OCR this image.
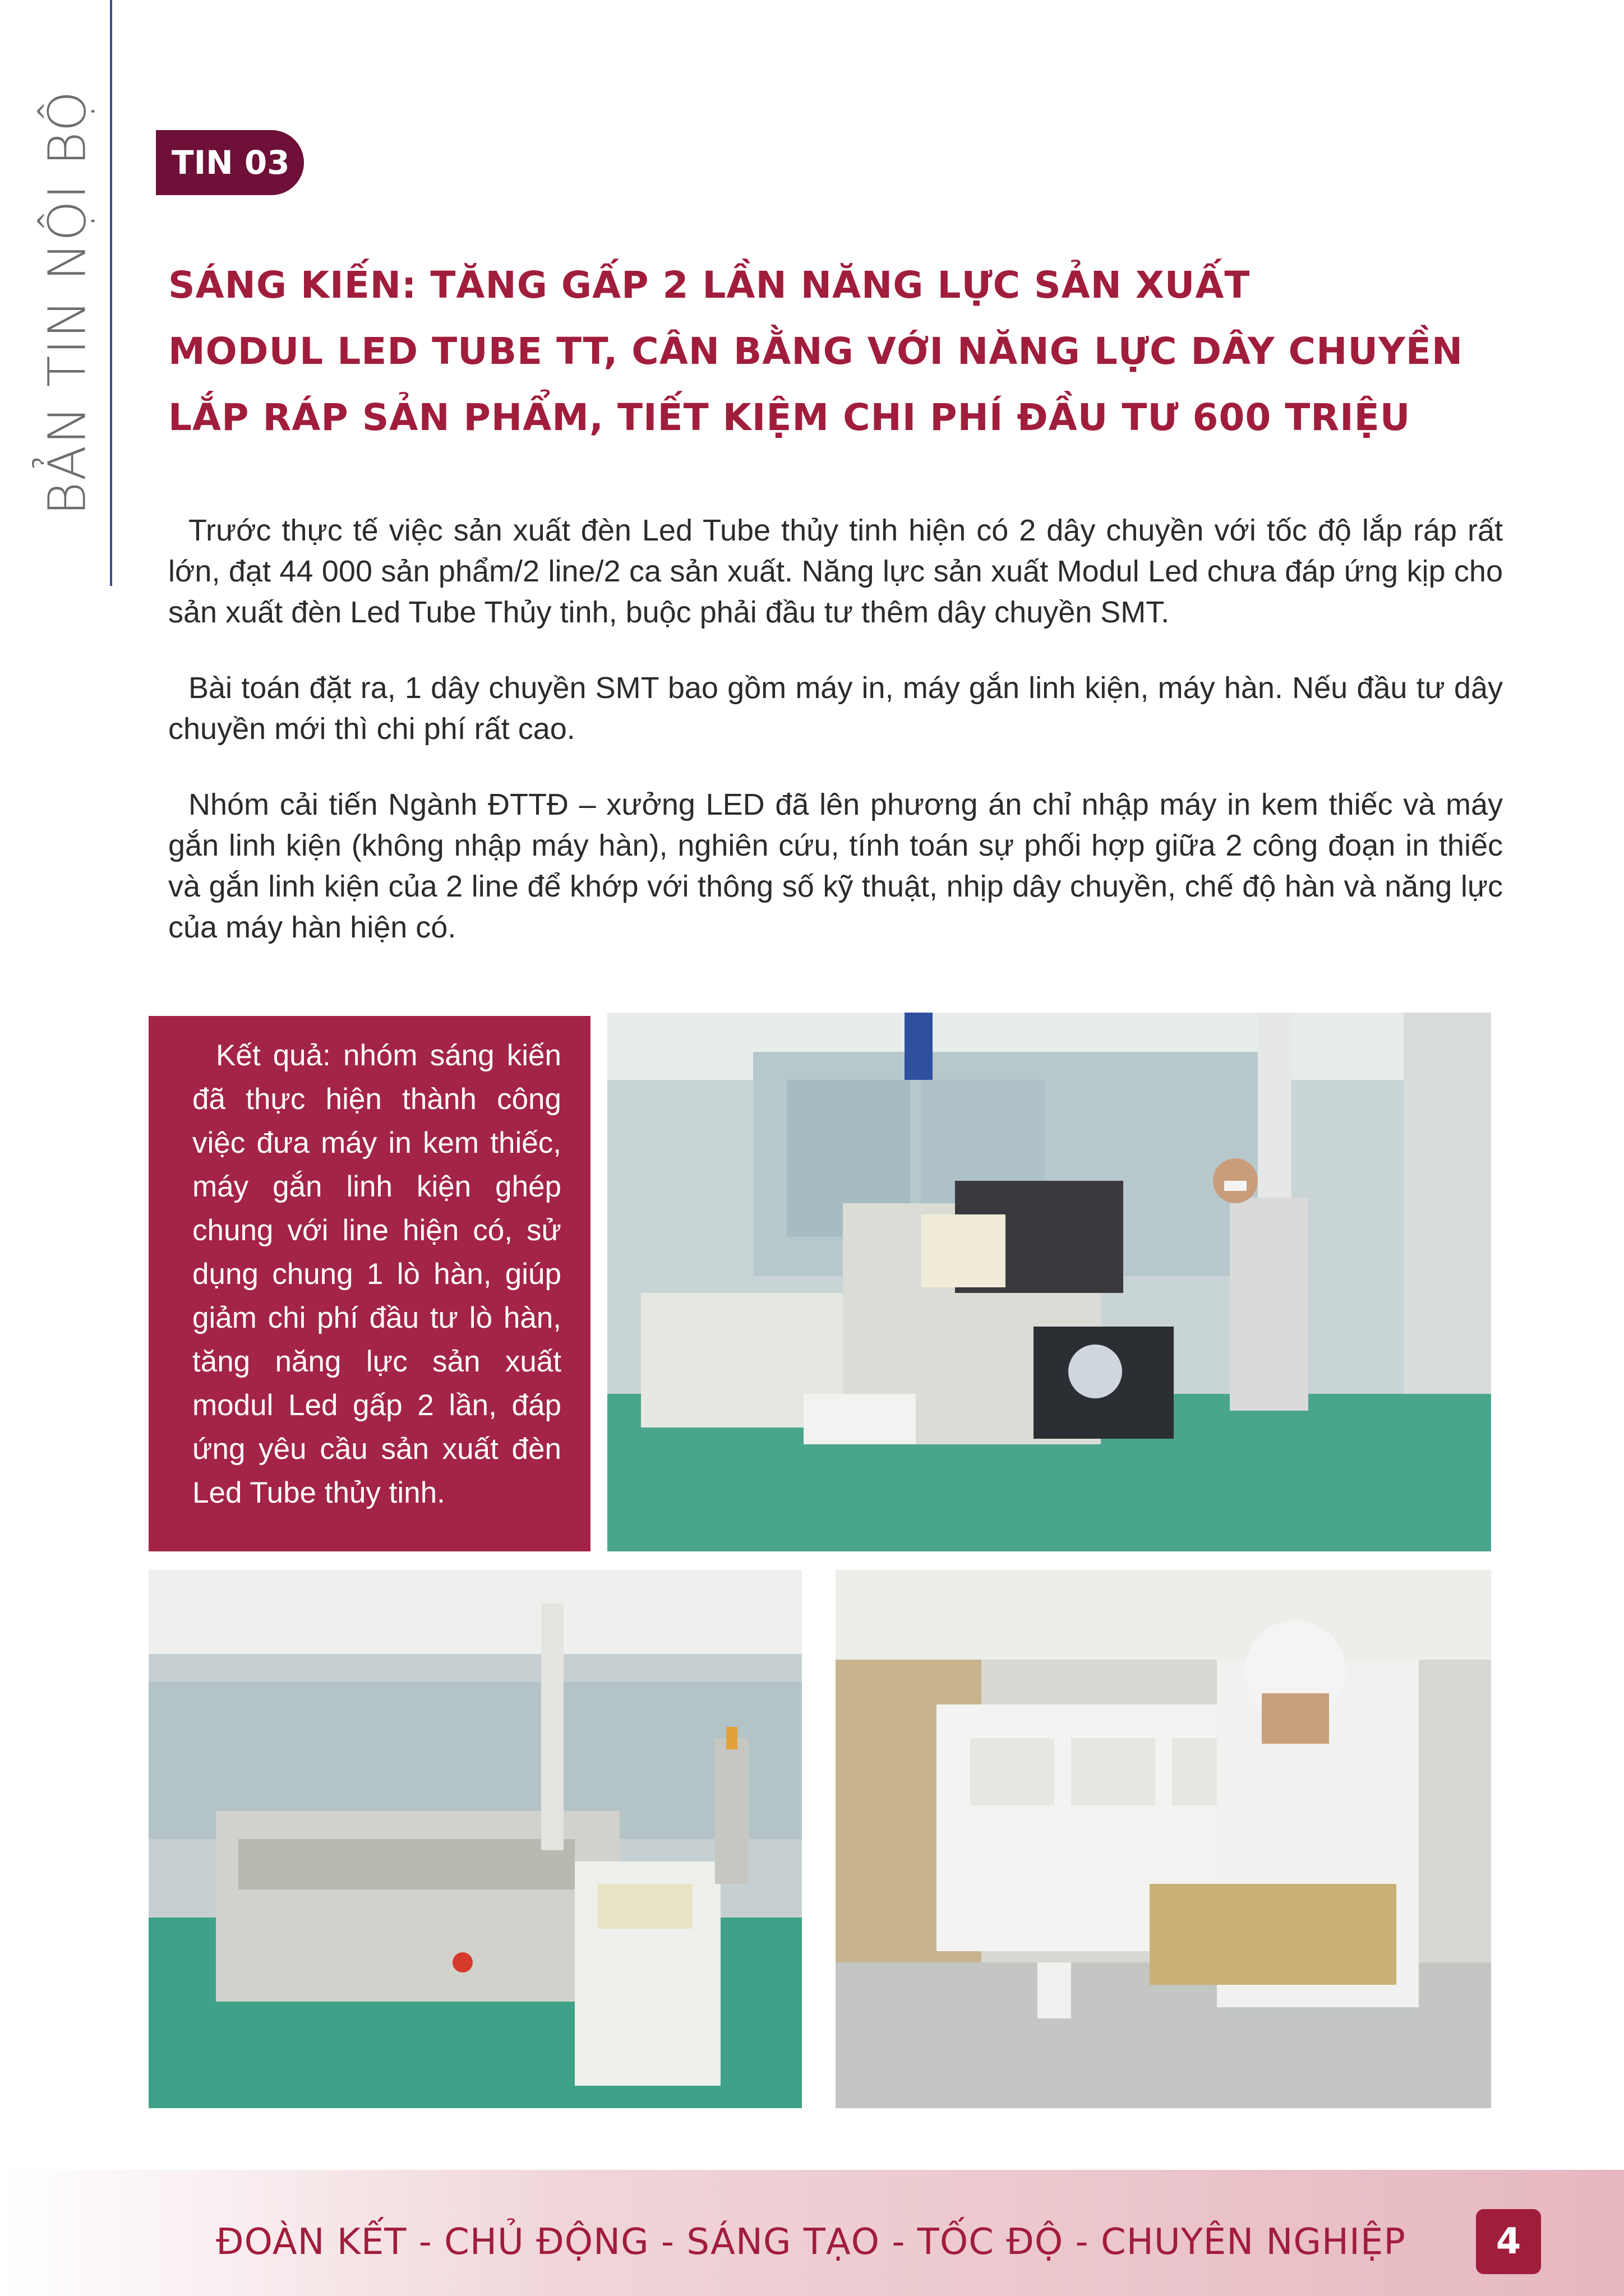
BẢN TIN NỘI BỘ TIN 03
SÁNG KIẾN: TĂNG GẤP 2 LẦN NĂNG LỰC SẢN XUẤT
MODUL LED TUBE TT, CÂN BẰNG VỚI NĂNG LỰC DÂY CHUYỀN
LẮP RÁP SẢN PHẨM, TIẾT KIỆM CHI PHÍ ĐẦU TƯ 600 TRIỆU

Trước thực tế việc sản xuất đèn Led Tube thủy tinh hiện có 2 dây chuyền với tốc độ lắp ráp rất lớn, đạt 44 000 sản phẩm/2 line/2 ca sản xuất. Năng lực sản xuất Modul Led chưa đáp ứng kịp cho sản xuất đèn Led Tube Thủy tinh, buộc phải đầu tư thêm dây chuyền SMT.

Bài toán đặt ra, 1 dây chuyền SMT bao gồm máy in, máy gắn linh kiện, máy hàn. Nếu đầu tư dây chuyền mới thì chi phí rất cao.

Nhóm cải tiến Ngành ĐTTĐ – xưởng LED đã lên phương án chỉ nhập máy in kem thiếc và máy gắn linh kiện (không nhập máy hàn), nghiên cứu, tính toán sự phối hợp giữa 2 công đoạn in thiếc và gắn linh kiện của 2 line để khớp với thông số kỹ thuật, nhịp dây chuyền, chế độ hàn và năng lực của máy hàn hiện có.

Kết quả: nhóm sáng kiến đã thực hiện thành công việc đưa máy in kem thiếc, máy gắn linh kiện ghép chung với line hiện có, sử dụng chung 1 lò hàn, giúp giảm chi phí đầu tư lò hàn, tăng năng lực sản xuất modul Led gấp 2 lần, đáp ứng yêu cầu sản xuất đèn Led Tube thủy tinh.

ĐOÀN KẾT - CHỦ ĐỘNG - SÁNG TẠO - TỐC ĐỘ - CHUYÊN NGHIỆP	4
